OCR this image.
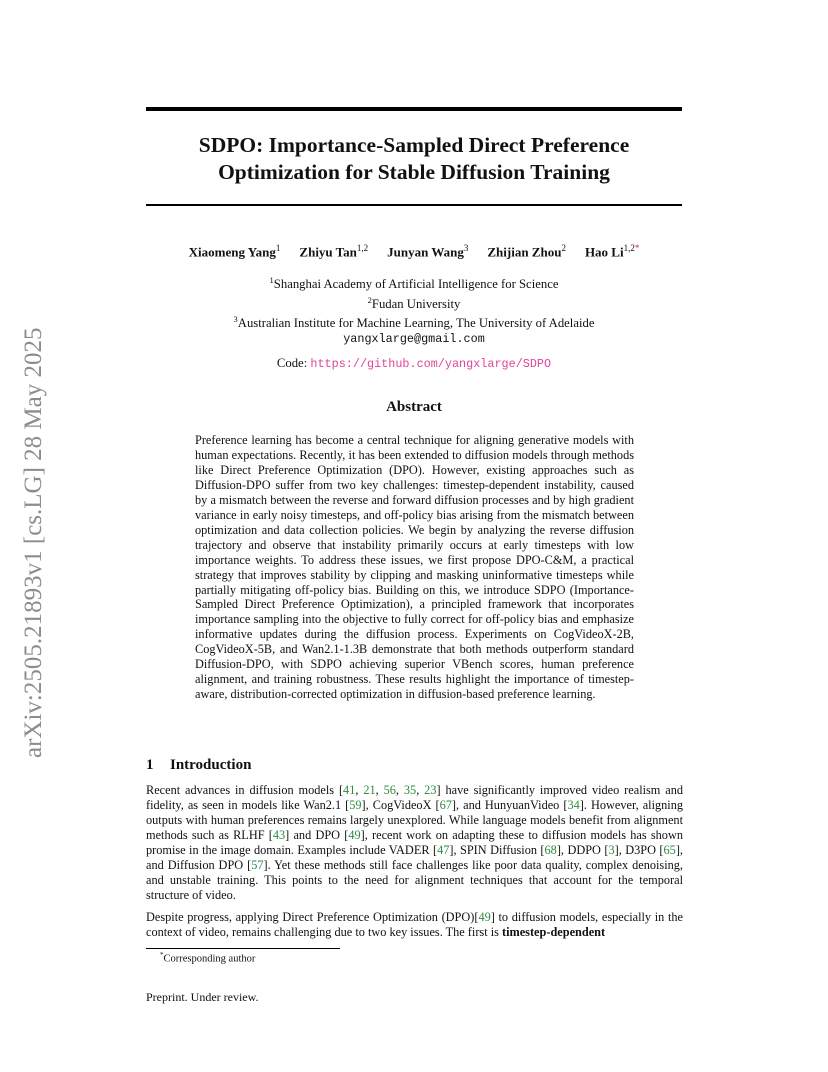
arXiv:2505.21893v1 [cs.LG] 28 May 2025
SDPO: Importance-Sampled Direct Preference
Optimization for Stable Diffusion Training
Xiaomeng Yang$^1$ Zhiyu Tan$^{1,2}$ Junyan Wang$^3$ Zhijian Zhou$^2$ Hao $Li^{1,2*}$
$^1$Shanghai Academy of Artificial Intelligence for Science
$^2$Fudan University
$^3$Australian Institute for Machine Learning, The University of Adelaide
yangxlarge@gmail.com
Code: https://github.com/yangxlarge/SDPO
Abstract
Preference learning has become a central technique for aligning generative models with human expectations. Recently, it has been extended to diffusion models through methods like Direct Preference Optimization (DPO). However, existing approaches such as Diffusion-DPO suffer from two key challenges: timestep-dependent instability, caused by a mismatch between the reverse and forward diffusion processes and by high gradient variance in early noisy timesteps, and off-policy bias arising from the mismatch between optimization and data collection policies. We begin by analyzing the reverse diffusion trajectory and observe that instability primarily occurs at early timesteps with low importance weights. To address these issues, we first propose DPO-C&M, a practical strategy that improves stability by clipping and masking uninformative timesteps while partially mitigating off-policy bias. Building on this, we introduce SDPO (Importance-Sampled Direct Preference Optimization), a principled framework that incorporates importance sampling into the objective to fully correct for off-policy bias and emphasize informative updates during the diffusion process. Experiments on CogVideoX-2B, CogVideoX-5B, and Wan2.1-1.3B demonstrate that both methods outperform standard Diffusion-DPO, with SDPO achieving superior VBench scores, human preference alignment, and training robustness. These results highlight the importance of timestep-aware, distribution-corrected optimization in diffusion-based preference learning.
1 Introduction
Recent advances in diffusion models [41, 21, 56, 35, 23] have significantly improved video realism and fidelity, as seen in models like Wan2.1 [59], CogVideoX [67], and HunyuanVideo [34]. However, aligning outputs with human preferences remains largely unexplored. While language models benefit from alignment methods such as RLHF [43] and DPO [49], recent work on adapting these to diffusion models has shown promise in the image domain. Examples include VADER [47], SPIN Diffusion [68], DDPO [3], D3PO [65], and Diffusion DPO [57]. Yet these methods still face challenges like poor data quality, complex denoising, and unstable training. This points to the need for alignment techniques that account for the temporal structure of video.
Despite progress, applying Direct Preference Optimization (DPO)[49] to diffusion models, especially in the context of video, remains challenging due to two key issues. The first is timestep-dependent
*Corresponding author
Preprint. Under review.
